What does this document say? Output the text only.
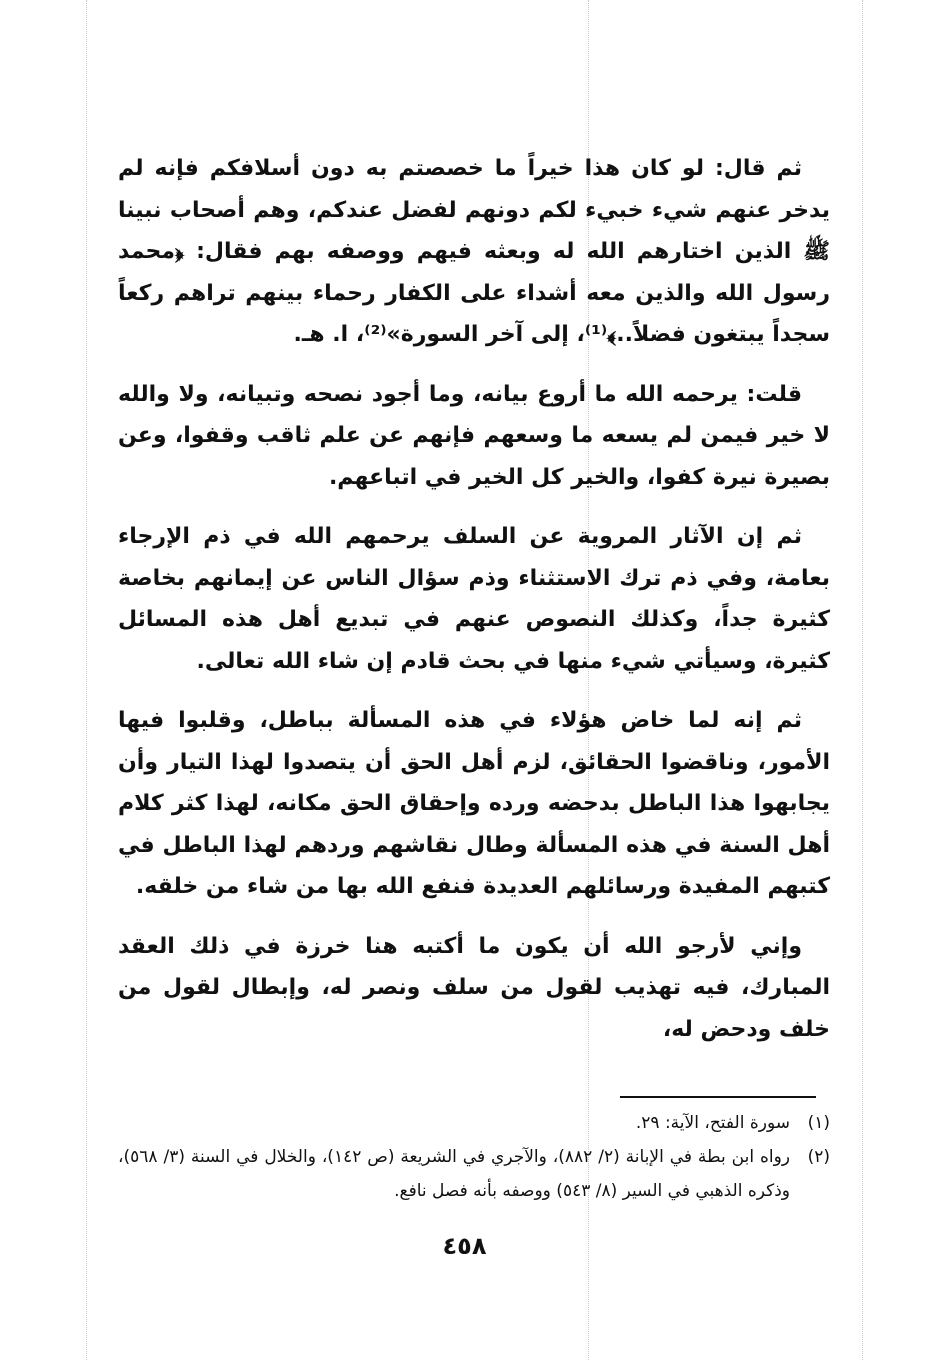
ثم قال: لو كان هذا خيراً ما خصصتم به دون أسلافكم فإنه لم يدخر عنهم شيء خبيء لكم دونهم لفضل عندكم، وهم أصحاب نبينا ﷺ الذين اختارهم الله له وبعثه فيهم ووصفه بهم فقال: ﴿محمد رسول الله والذين معه أشداء على الكفار رحماء بينهم تراهم ركعاً سجداً يبتغون فضلاً..﴾⁽¹⁾، إلى آخر السورة»⁽²⁾، ا. هـ.

قلت: يرحمه الله ما أروع بيانه، وما أجود نصحه وتبيانه، ولا والله لا خير فيمن لم يسعه ما وسعهم فإنهم عن علم ثاقب وقفوا، وعن بصيرة نيرة كفوا، والخير كل الخير في اتباعهم.

ثم إن الآثار المروية عن السلف يرحمهم الله في ذم الإرجاء بعامة، وفي ذم ترك الاستثناء وذم سؤال الناس عن إيمانهم بخاصة كثيرة جداً، وكذلك النصوص عنهم في تبديع أهل هذه المسائل كثيرة، وسيأتي شيء منها في بحث قادم إن شاء الله تعالى.

ثم إنه لما خاض هؤلاء في هذه المسألة بباطل، وقلبوا فيها الأمور، وناقضوا الحقائق، لزم أهل الحق أن يتصدوا لهذا التيار وأن يجابهوا هذا الباطل بدحضه ورده وإحقاق الحق مكانه، لهذا كثر كلام أهل السنة في هذه المسألة وطال نقاشهم وردهم لهذا الباطل في كتبهم المفيدة ورسائلهم العديدة فنفع الله بها من شاء من خلقه.

وإني لأرجو الله أن يكون ما أكتبه هنا خرزة في ذلك العقد المبارك، فيه تهذيب لقول من سلف ونصر له، وإبطال لقول من خلف ودحض له،

(١)
سورة الفتح، الآية: ٢٩.
(٢)
رواه ابن بطة في الإبانة (٢/ ٨٨٢)، والآجري في الشريعة (ص ١٤٢)، والخلال في السنة (٣/ ٥٦٨)، وذكره الذهبي في السير (٨/ ٥٤٣) ووصفه بأنه فصل نافع.
٤٥٨
